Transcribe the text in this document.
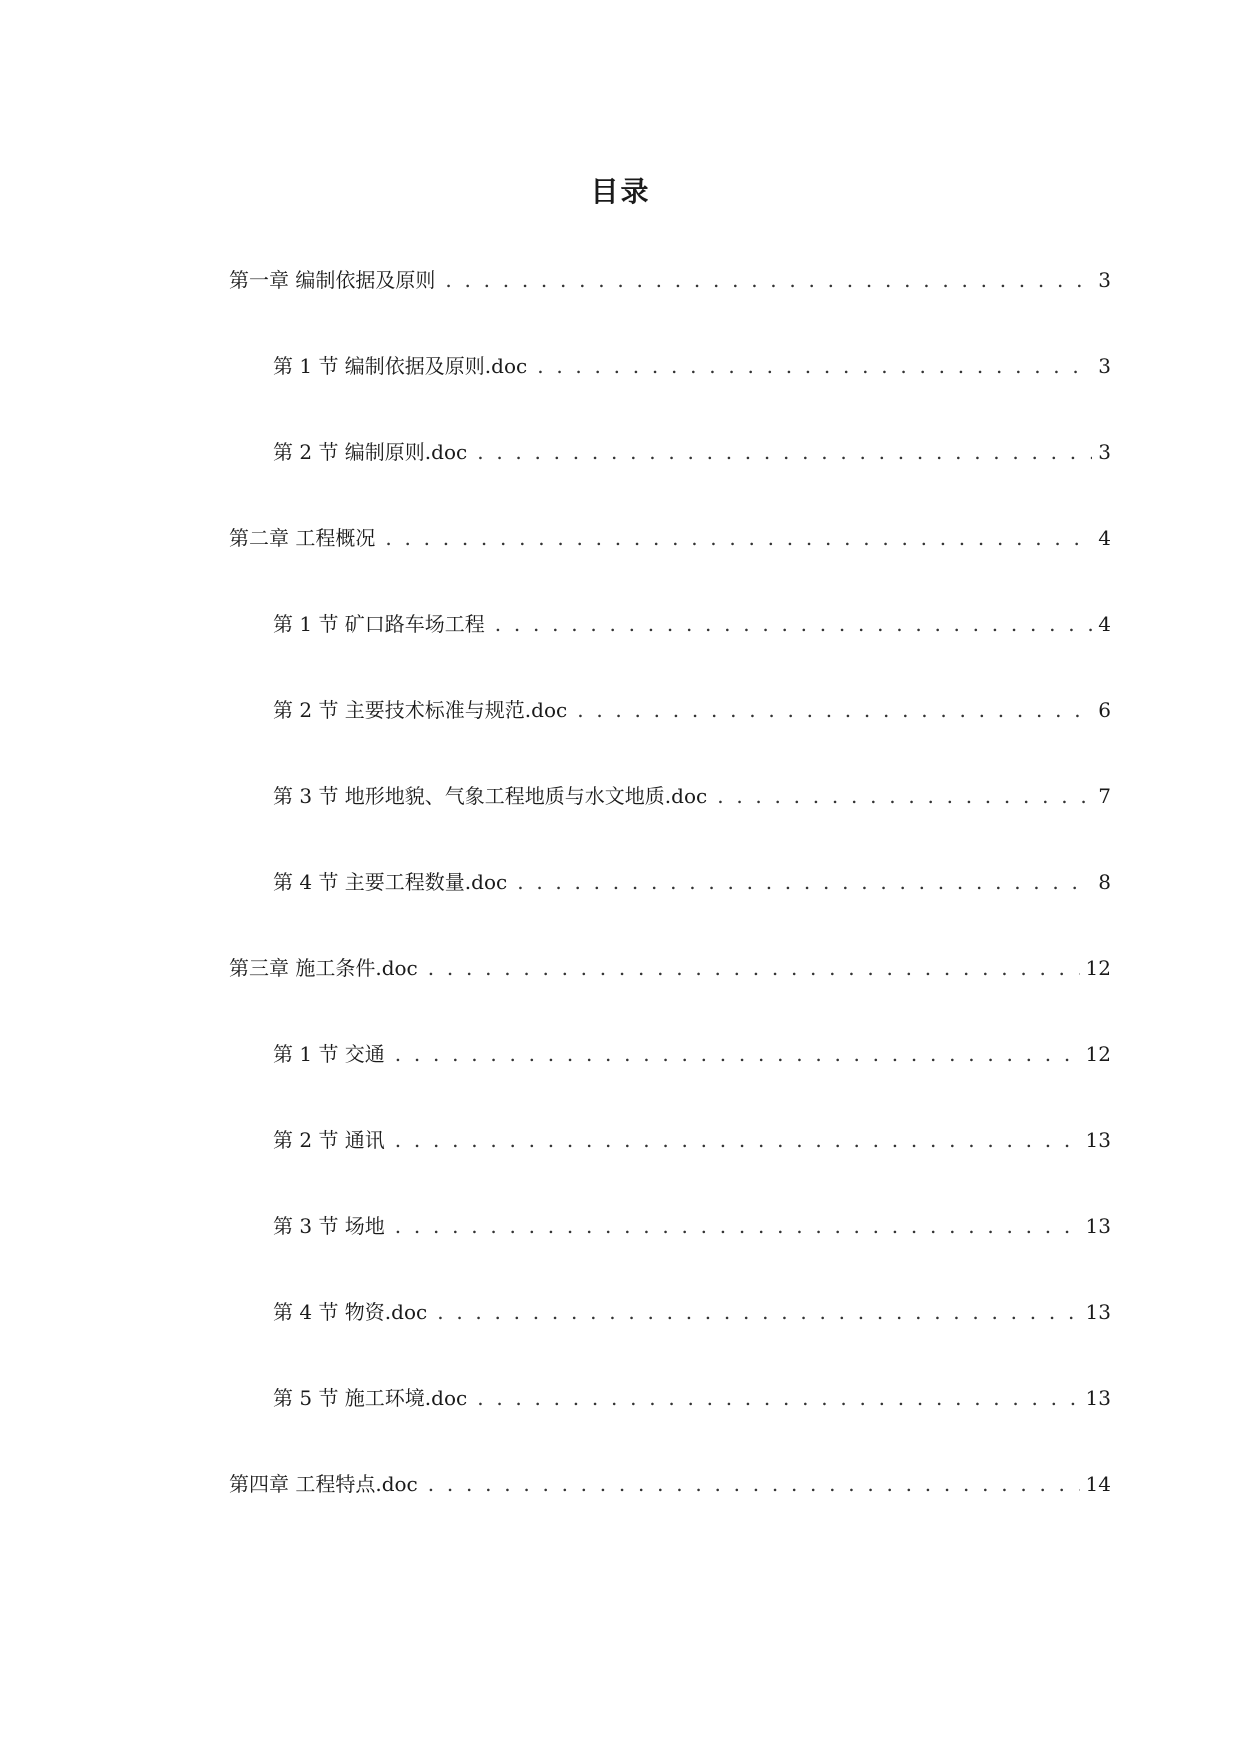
目录
第一章 编制依据及原则 . . .	3
第 1 节 编制依据及原则.doc . . .	3
第 2 节 编制原则.doc . . .	3
第二章 工程概况 . . .	4
第 1 节 矿口路车场工程 . . .	4
第 2 节 主要技术标准与规范.doc . . .	6
第 3 节 地形地貌、气象工程地质与水文地质.doc . . .	7
第 4 节 主要工程数量.doc . . .	8
第三章 施工条件.doc . . .	12
第 1 节 交通 . . .	12
第 2 节 通讯 . . .	13
第 3 节 场地 . . .	13
第 4 节 物资.doc . . .	13
第 5 节 施工环境.doc . . .	13
第四章 工程特点.doc . . .	14
